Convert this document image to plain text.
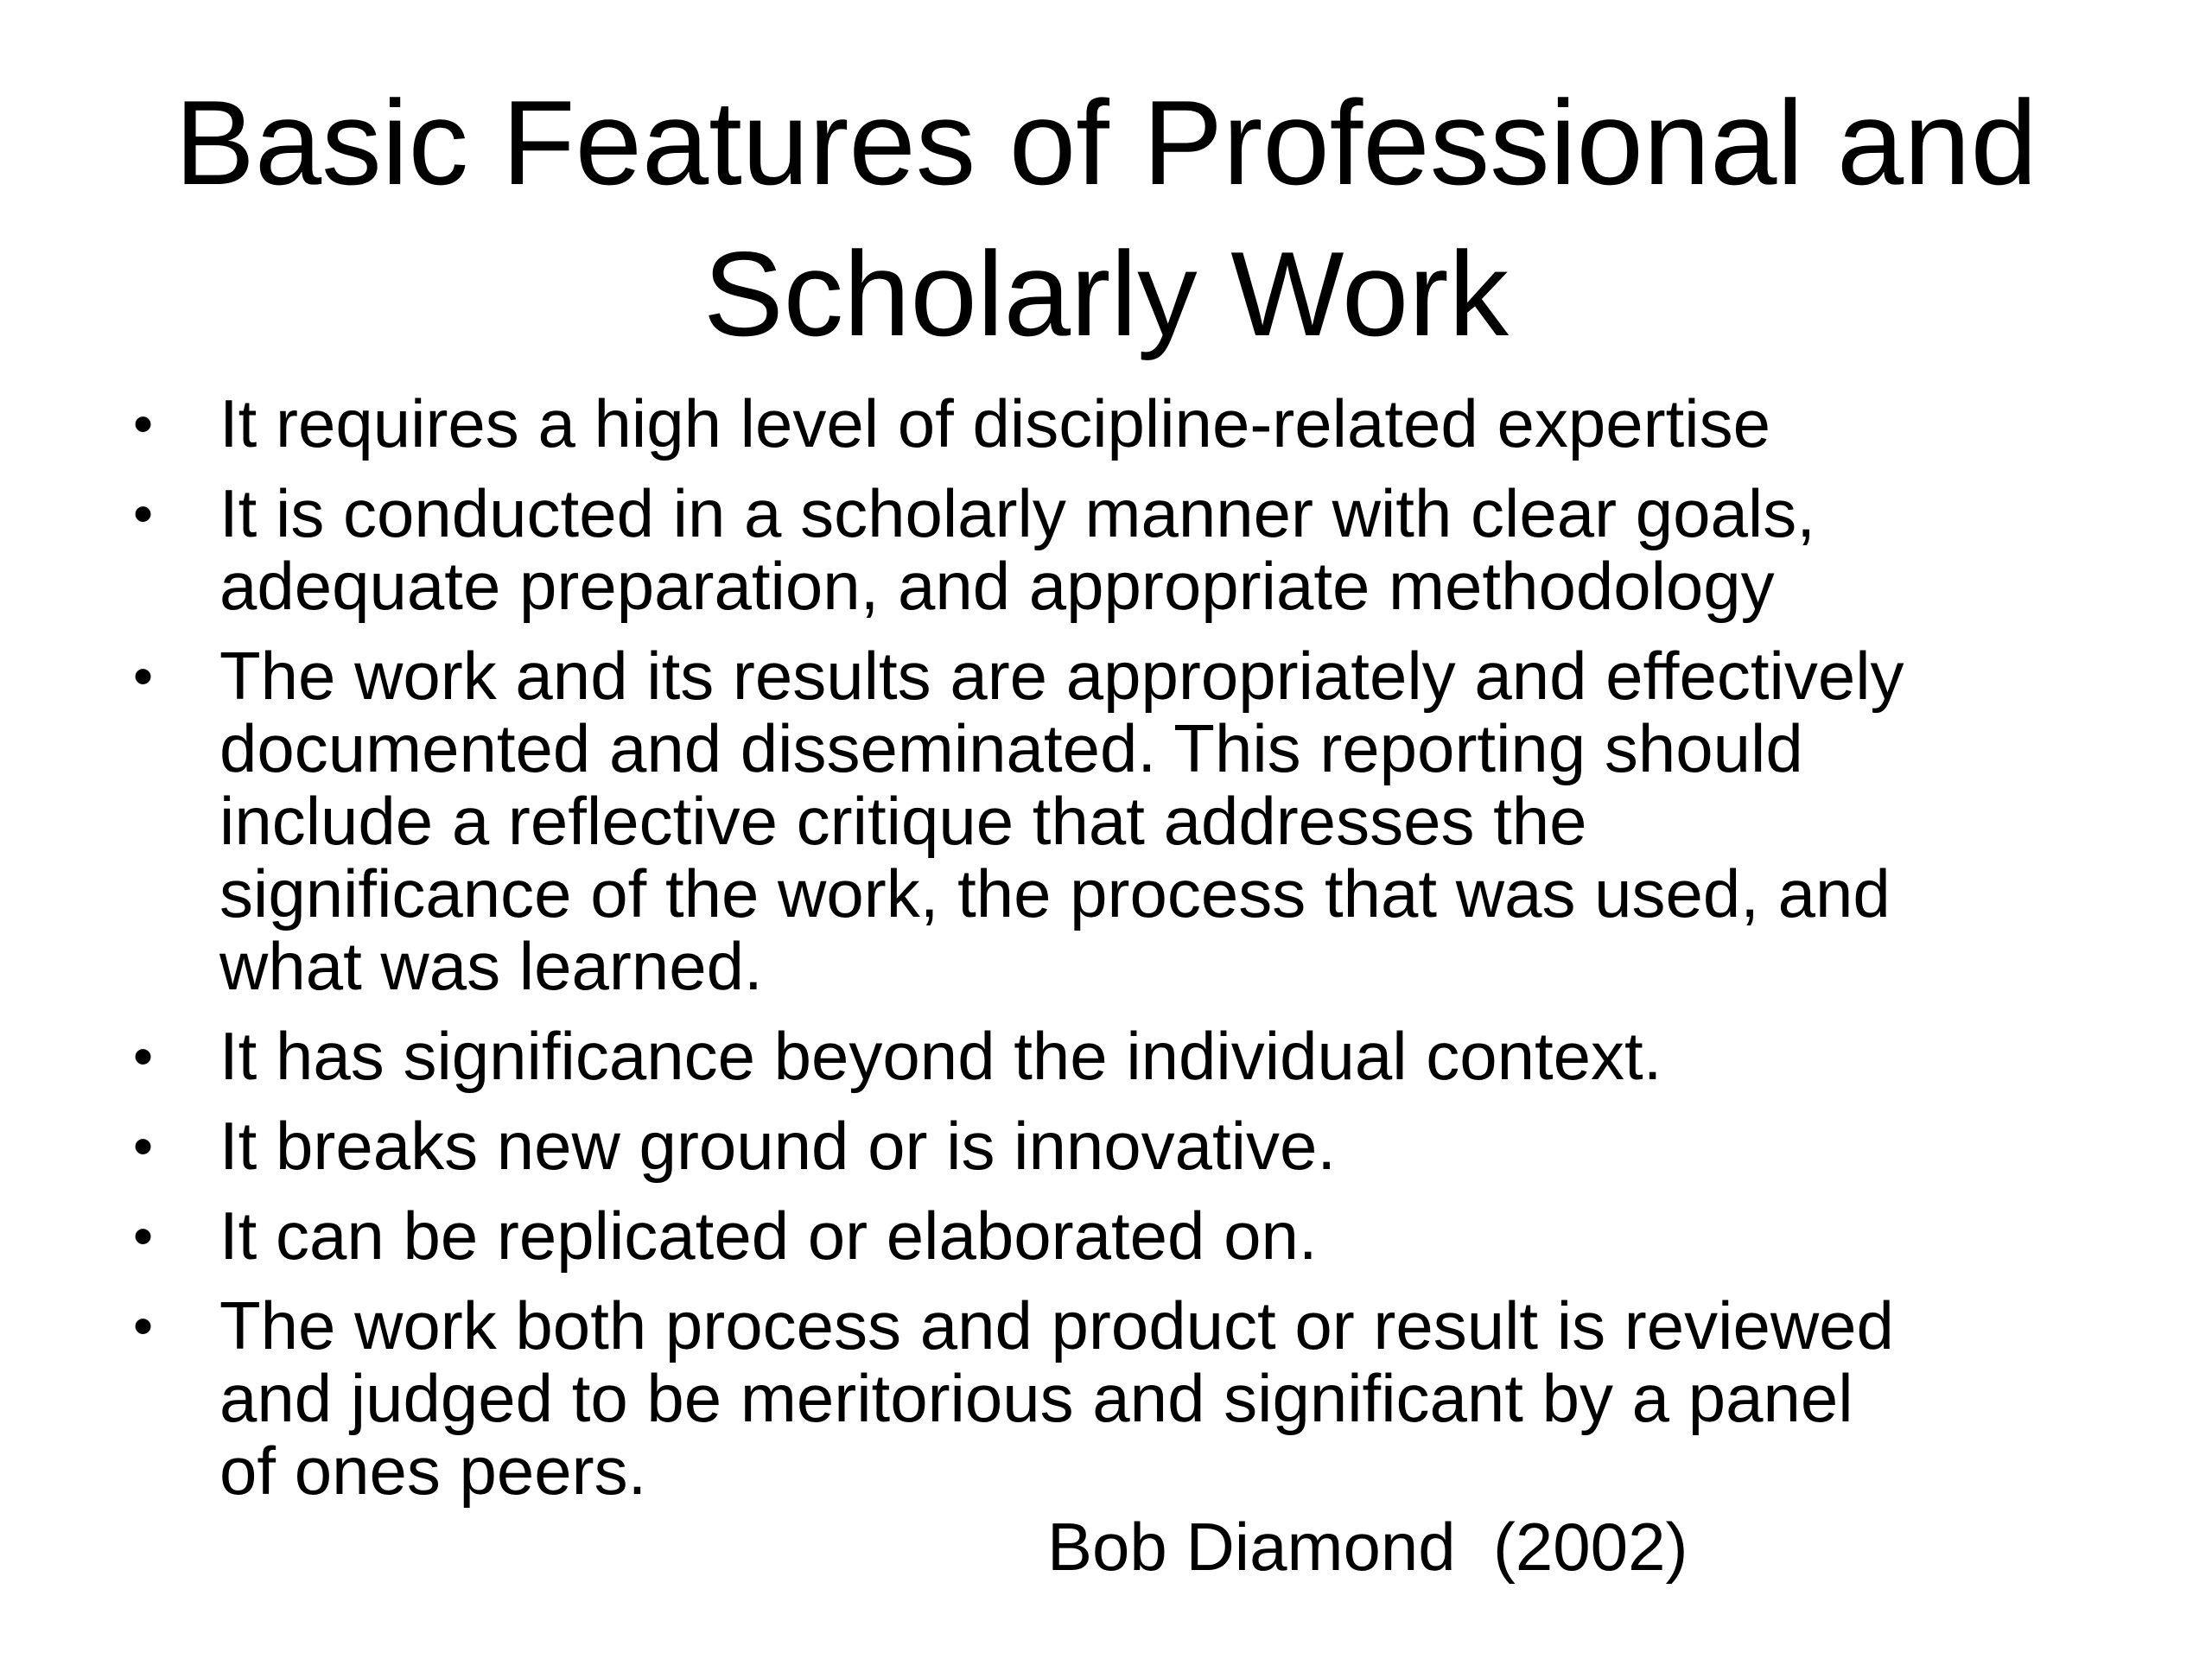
Basic Features of Professional and
Scholarly Work
• It requires a high level of discipline-related expertise
• It is conducted in a scholarly manner with clear goals,
adequate preparation, and appropriate methodology
• The work and its results are appropriately and effectively
documented and disseminated. This reporting should
include a reflective critique that addresses the
significance of the work, the process that was used, and
what was learned.
• It has significance beyond the individual context.
• It breaks new ground or is innovative.
• It can be replicated or elaborated on.
• The work both process and product or result is reviewed
and judged to be meritorious and significant by a panel
of ones peers.
Bob Diamond  (2002)
